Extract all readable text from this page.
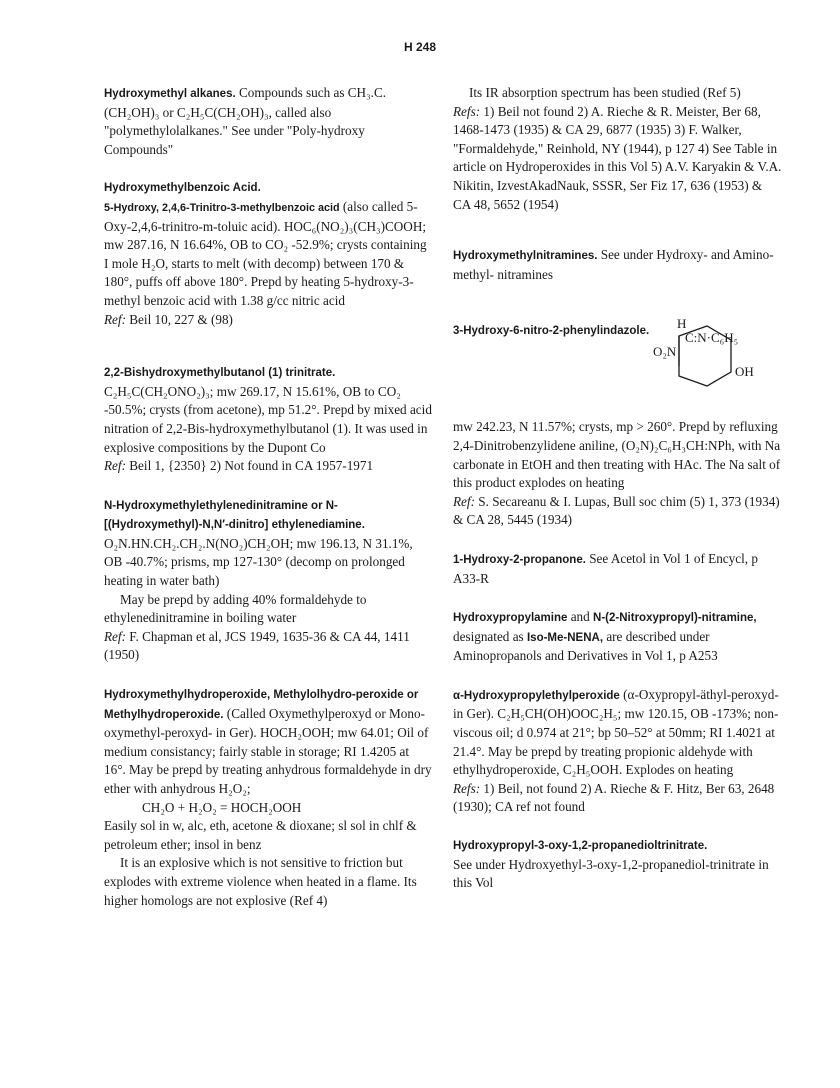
H 248

Hydroxymethyl alkanes. Compounds such as CH₃.C.(CH₂OH)₃ or C₂H₅C(CH₂OH)₃, called also "polymethylolalkanes." See under "Poly-hydroxy Compounds"

Hydroxymethylbenzoic Acid.

5-Hydroxy, 2,4,6-Trinitro-3-methylbenzoic acid (also called 5-Oxy-2,4,6-trinitro-m-toluic acid). HOC₆(NO₂)₃(CH₃)COOH; mw 287.16, N 16.64%, OB to CO₂ -52.9%; crysts containing I mole H₂O, starts to melt (with decomp) between 170 & 180°, puffs off above 180°. Prepd by heating 5-hydroxy-3-methyl benzoic acid with 1.38 g/cc nitric acid

Ref: Beil 10, 227 & (98)

2,2-Bishydroxymethylbutanol (1) trinitrate. C₂H₅C(CH₂ONO₂)₃; mw 269.17, N 15.61%, OB to CO₂ -50.5%; crysts (from acetone), mp 51.2°. Prepd by mixed acid nitration of 2,2-Bis-hydroxymethylbutanol (1). It was used in explosive compositions by the Dupont Co

Ref: Beil 1, {2350} 2) Not found in CA 1957-1971

N-Hydroxymethylethylenedinitramine or N-[(Hydroxymethyl)-N,N′-dinitro] ethylenediamine. O₂N.HN.CH₂.CH₂.N(NO₂)CH₂OH; mw 196.13, N 31.1%, OB -40.7%; prisms, mp 127-130° (decomp on prolonged heating in water bath)

May be prepd by adding 40% formaldehyde to ethylenedinitramine in boiling water

Ref: F. Chapman et al, JCS 1949, 1635-36 & CA 44, 1411 (1950)

Hydroxymethylhydroperoxide, Methylolhydro-peroxide or Methylhydroperoxide. (Called Oxymethylperoxyd or Mono-oxymethyl-peroxyd- in Ger). HOCH₂OOH; mw 64.01; Oil of medium consistancy; fairly stable in storage; RI 1.4205 at 16°. May be prepd by treating anhydrous formaldehyde in dry ether with anhydrous H₂O₂;

CH₂O + H₂O₂ = HOCH₂OOH

Easily sol in w, alc, eth, acetone & dioxane; sl sol in chlf & petroleum ether; insol in benz

It is an explosive which is not sensitive to friction but explodes with extreme violence when heated in a flame. Its higher homologs are not explosive (Ref 4)

Its IR absorption spectrum has been studied (Ref 5)

Refs: 1) Beil not found 2) A. Rieche & R. Meister, Ber 68, 1468-1473 (1935) & CA 29, 6877 (1935) 3) F. Walker, "Formaldehyde," Reinhold, NY (1944), p 127 4) See Table in article on Hydroperoxides in this Vol 5) A.V. Karyakin & V.A. Nikitin, IzvestAkadNauk, SSSR, Ser Fiz 17, 636 (1953) & CA 48, 5652 (1954)

Hydroxymethylnitramines. See under Hydroxy- and Amino-methyl- nitramines

3-Hydroxy-6-nitro-2-phenylindazole. H
C:N·C₆H₅
O₂N
OH

mw 242.23, N 11.57%; crysts, mp > 260°. Prepd by refluxing 2,4-Dinitrobenzylidene aniline, (O₂N)₂C₆H₃CH:NPh, with Na carbonate in EtOH and then treating with HAc. The Na salt of this product explodes on heating

Ref: S. Secareanu & I. Lupas, Bull soc chim (5) 1, 373 (1934) & CA 28, 5445 (1934)

1-Hydroxy-2-propanone. See Acetol in Vol 1 of Encycl, p A33-R

Hydroxypropylamine and N-(2-Nitroxypropyl)-nitramine, designated as Iso-Me-NENA, are described under Aminopropanols and Derivatives in Vol 1, p A253

α-Hydroxypropylethylperoxide (α-Oxypropyl-äthyl-peroxyd- in Ger). C₂H₅CH(OH)OOC₂H₅; mw 120.15, OB -173%; non-viscous oil; d 0.974 at 21°; bp 50–52° at 50mm; RI 1.4021 at 21.4°. May be prepd by treating propionic aldehyde with ethylhydroperoxide, C₂H₅OOH. Explodes on heating

Refs: 1) Beil, not found 2) A. Rieche & F. Hitz, Ber 63, 2648 (1930); CA ref not found

Hydroxypropyl-3-oxy-1,2-propanedioltrinitrate.

See under Hydroxyethyl-3-oxy-1,2-propanediol-trinitrate in this Vol
